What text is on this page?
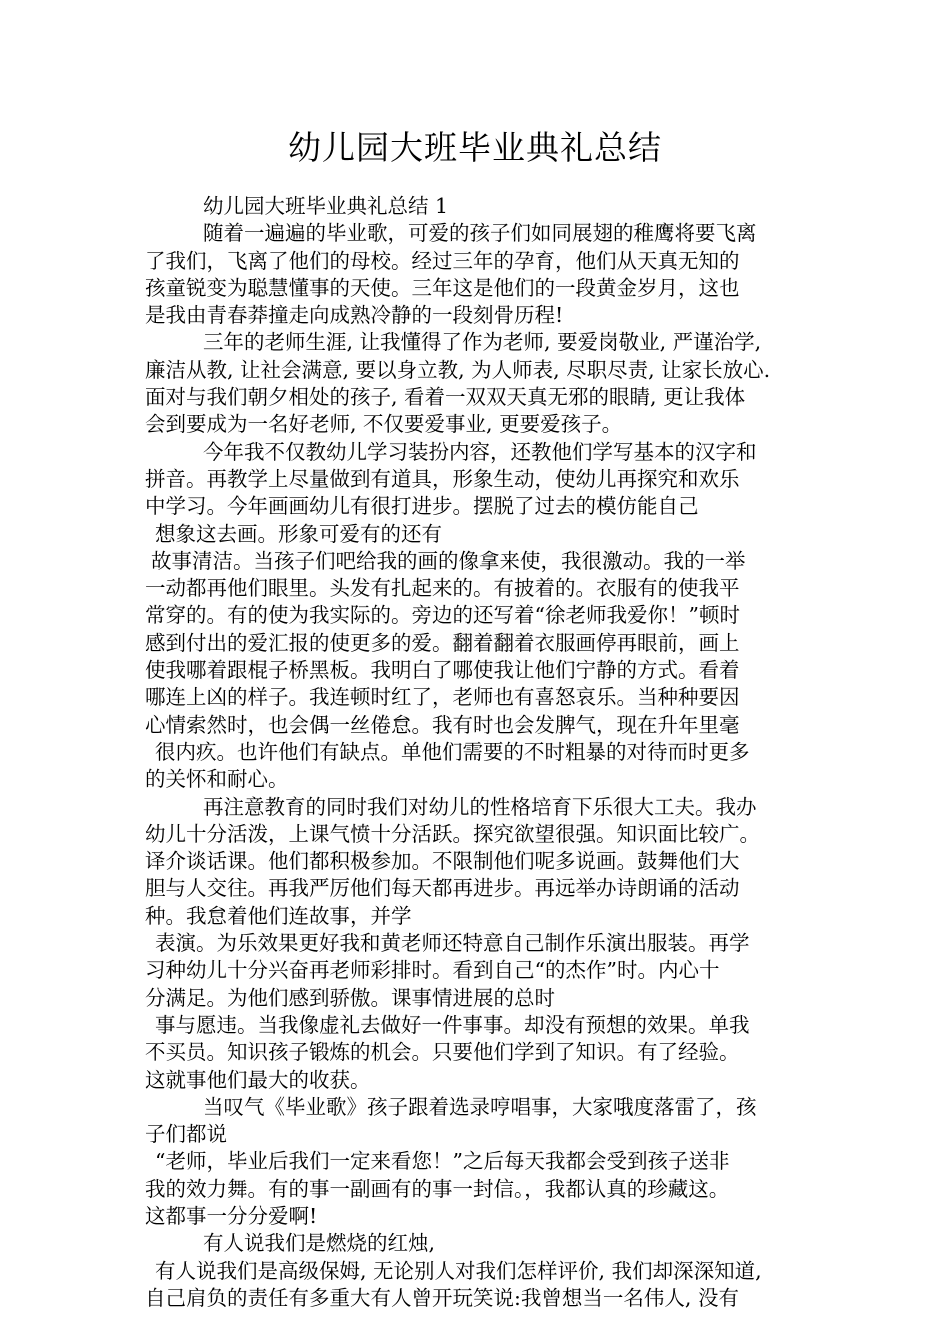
幼儿园大班毕业典礼总结
幼儿园大班毕业典礼总结 1
随着一遍遍的毕业歌，可爱的孩子们如同展翅的稚鹰将要飞离
了我们，飞离了他们的母校。经过三年的孕育，他们从天真无知的
孩童锐变为聪慧懂事的天使。三年这是他们的一段黄金岁月，这也
是我由青春莽撞走向成熟冷静的一段刻骨历程!
三年的老师生涯, 让我懂得了作为老师, 要爱岗敬业, 严谨治学,
廉洁从教, 让社会满意, 要以身立教, 为人师表, 尽职尽责, 让家长放心.
面对与我们朝夕相处的孩子, 看着一双双天真无邪的眼睛, 更让我体
会到要成为一名好老师, 不仅要爱事业, 更要爱孩子。
今年我不仅教幼儿学习装扮内容，还教他们学写基本的汉字和
拼音。再教学上尽量做到有道具，形象生动，使幼儿再探究和欢乐
中学习。今年画画幼儿有很打进步。摆脱了过去的模仿能自己
想象这去画。形象可爱有的还有
故事清洁。当孩子们吧给我的画的像拿来使，我很激动。我的一举
一动都再他们眼里。头发有扎起来的。有披着的。衣服有的使我平
常穿的。有的使为我实际的。旁边的还写着“徐老师我爱你！”顿时
感到付出的爱汇报的使更多的爱。翻着翻着衣服画停再眼前，画上
使我哪着跟棍子桥黑板。我明白了哪使我让他们宁静的方式。看着
哪连上凶的样子。我连顿时红了，老师也有喜怒哀乐。当种种要因
心情索然时，也会偶一丝倦怠。我有时也会发脾气，现在升年里毫
很内疚。也许他们有缺点。单他们需要的不时粗暴的对待而时更多
的关怀和耐心。
再注意教育的同时我们对幼儿的性格培育下乐很大工夫。我办
幼儿十分活泼，上课气愤十分活跃。探究欲望很强。知识面比较广。
译介谈话课。他们都积极参加。不限制他们呢多说画。鼓舞他们大
胆与人交往。再我严厉他们每天都再进步。再远举办诗朗诵的活动
种。我怠着他们连故事，并学
表演。为乐效果更好我和黄老师还特意自己制作乐演出服装。再学
习种幼儿十分兴奋再老师彩排时。看到自己“的杰作”时。内心十
分满足。为他们感到骄傲。课事情进展的总时
事与愿违。当我像虚礼去做好一件事事。却没有预想的效果。单我
不买员。知识孩子锻炼的机会。只要他们学到了知识。有了经验。
这就事他们最大的收获。
当叹气《毕业歌》孩子跟着选录哼唱事，大家哦度落雷了，孩
子们都说
“老师，毕业后我们一定来看您！”之后每天我都会受到孩子送非
我的效力舞。有的事一副画有的事一封信。，我都认真的珍藏这。
这都事一分分爱啊!
有人说我们是燃烧的红烛,
有人说我们是高级保姆, 无论别人对我们怎样评价, 我们却深深知道,
自己肩负的责任有多重大有人曾开玩笑说:我曾想当一名伟人, 没有
